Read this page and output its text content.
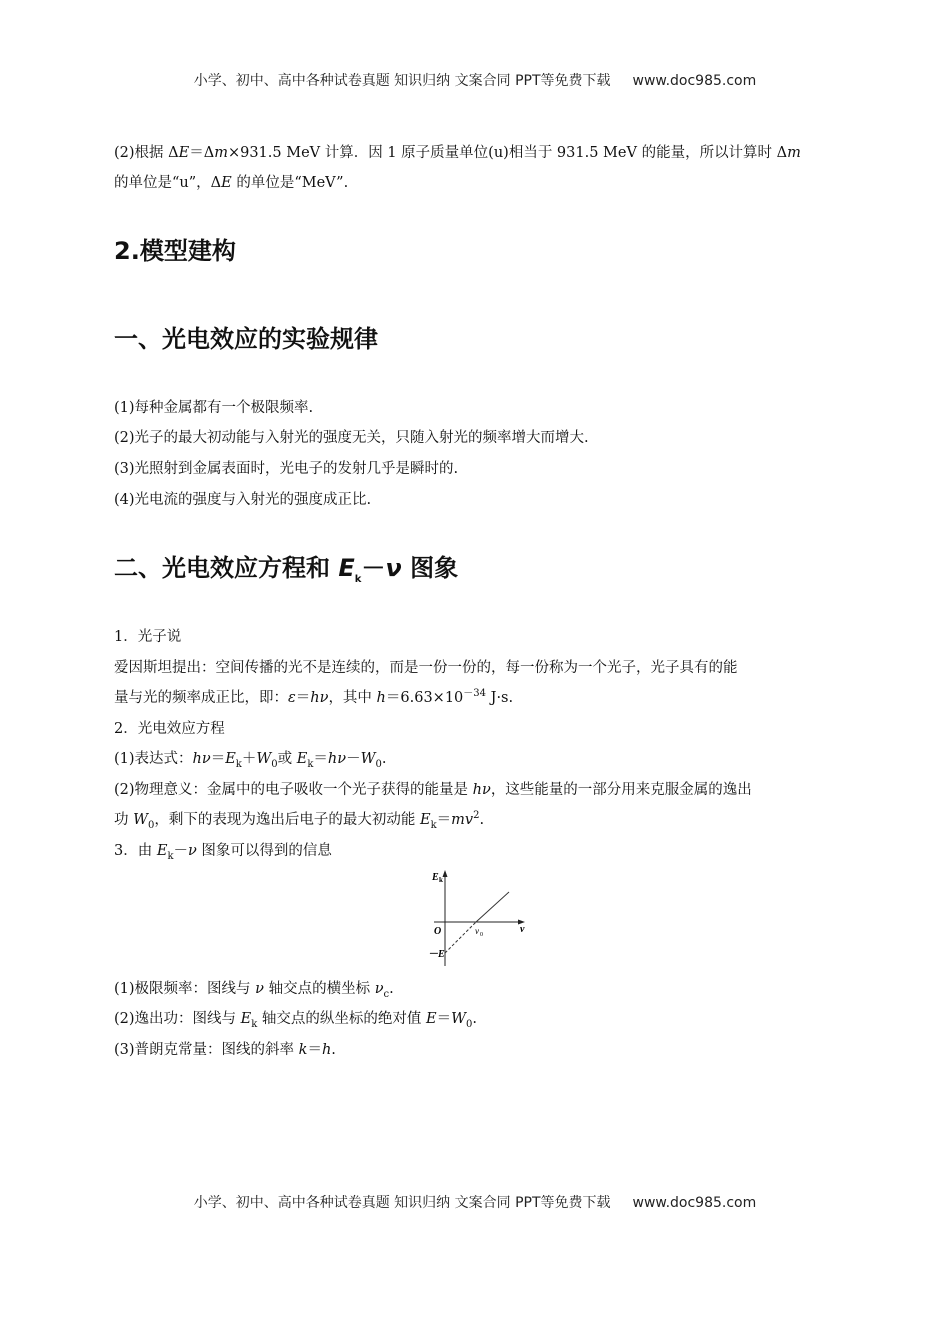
小学、初中、高中各种试卷真题 知识归纳 文案合同 PPT等免费下载 www.doc985.com

(2)根据 ΔE＝Δm×931.5 MeV 计算．因 1 原子质量单位(u)相当于 931.5 MeV 的能量，所以计算时 Δm

的单位是“u”，ΔE 的单位是“MeV”.

2.模型建构
一、光电效应的实验规律

(1)每种金属都有一个极限频率.

(2)光子的最大初动能与入射光的强度无关，只随入射光的频率增大而增大.

(3)光照射到金属表面时，光电子的发射几乎是瞬时的.

(4)光电流的强度与入射光的强度成正比.

二、光电效应方程和 $E_k-\nu$ 图象

1．光子说

爱因斯坦提出：空间传播的光不是连续的，而是一份一份的，每一份称为一个光子，光子具有的能

量与光的频率成正比，即：ε＝hν，其中 $h=6.63\times 10^{-34}$ J·s.

2．光电效应方程

(1)表达式：$h\nu=E_k+W_0$或 $E_k=h\nu-W_0$.

(2)物理意义：金属中的电子吸收一个光子获得的能量是 hν，这些能量的一部分用来克服金属的逸出

功 $W_0$，剩下的表现为逸出后电子的最大初动能 $E_k=mv^2$.

3．由 $E_k-\nu$ 图象可以得到的信息

(1)极限频率：图线与 ν 轴交点的横坐标 $\nu_c$.

(2)逸出功：图线与 $E_k$ 轴交点的纵坐标的绝对值 $E=W_0$.

(3)普朗克常量：图线的斜率 k＝h.

E k
O	ν
ν 0
－E
小学、初中、高中各种试卷真题 知识归纳 文案合同 PPT等免费下载 www.doc985.com
